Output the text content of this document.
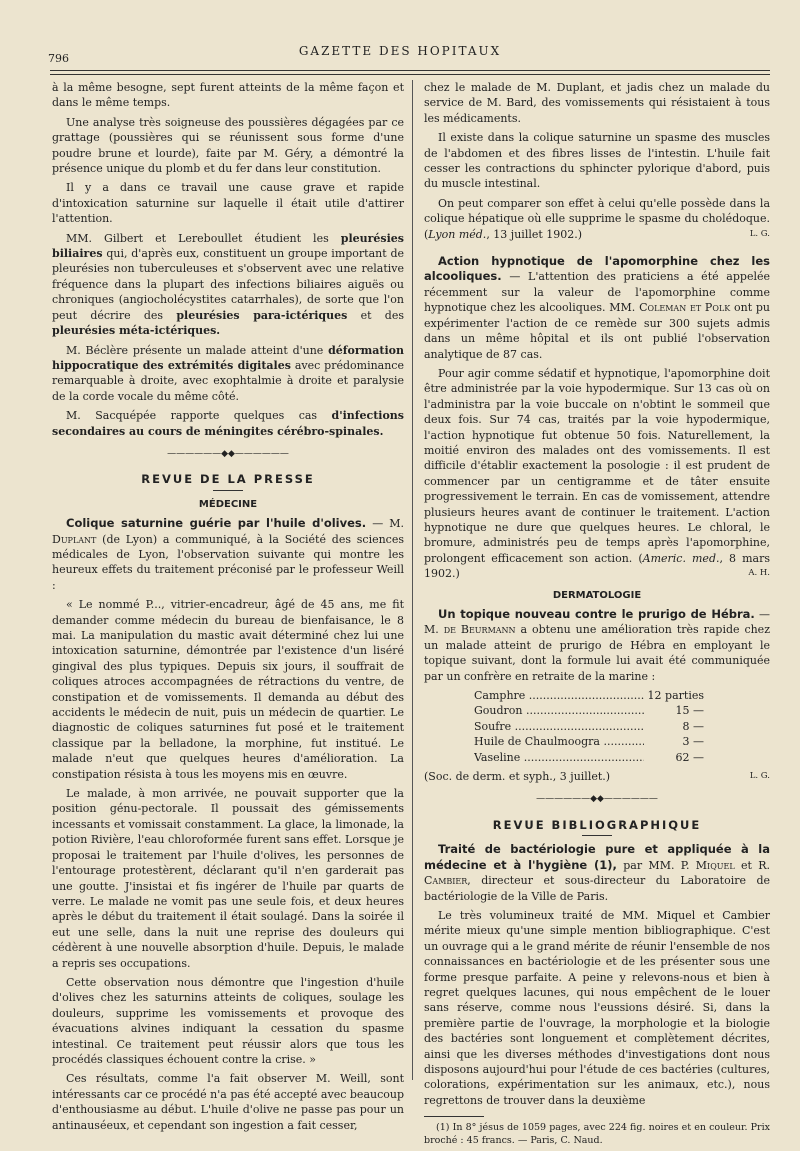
796
GAZETTE DES HOPITAUX

à la même besogne, sept furent atteints de la même façon et dans le même temps.

Une analyse très soigneuse des poussières dégagées par ce grattage (poussières qui se réunissent sous forme d'une poudre brune et lourde), faite par M. Géry, a démontré la présence unique du plomb et du fer dans leur constitution.

Il y a dans ce travail une cause grave et rapide d'intoxication saturnine sur laquelle il était utile d'attirer l'attention.

MM. Gilbert et Lereboullet étudient les pleurésies biliaires qui, d'après eux, constituent un groupe important de pleurésies non tuberculeuses et s'observent avec une relative fréquence dans la plupart des infections biliaires aiguës ou chroniques (angiocholécystites catarrhales), de sorte que l'on peut décrire des pleurésies para-ictériques et des pleurésies méta-ictériques.

M. Béclère présente un malade atteint d'une déformation hippocratique des extrémités digitales avec prédominance remarquable à droite, avec exophtalmie à droite et paralysie de la corde vocale du même côté.

M. Sacquépée rapporte quelques cas d'infections secondaires au cours de méningites cérébro-spinales.

——————◆◆——————
REVUE DE LA PRESSE
MÉDECINE

Colique saturnine guérie par l'huile d'olives. — M. Duplant (de Lyon) a communiqué, à la Société des sciences médicales de Lyon, l'observation suivante qui montre les heureux effets du traitement préconisé par le professeur Weill :

« Le nommé P..., vitrier-encadreur, âgé de 45 ans, me fit demander comme médecin du bureau de bienfaisance, le 8 mai. La manipulation du mastic avait déterminé chez lui une intoxication saturnine, démontrée par l'existence d'un liséré gingival des plus typiques. Depuis six jours, il souffrait de coliques atroces accompagnées de rétractions du ventre, de constipation et de vomissements. Il demanda au début des accidents le médecin de nuit, puis un médecin de quartier. Le diagnostic de coliques saturnines fut posé et le traitement classique par la belladone, la morphine, fut institué. Le malade n'eut que quelques heures d'amélioration. La constipation résista à tous les moyens mis en œuvre.

Le malade, à mon arrivée, ne pouvait supporter que la position génu-pectorale. Il poussait des gémissements incessants et vomissait constamment. La glace, la limonade, la potion Rivière, l'eau chloroformée furent sans effet. Lorsque je proposai le traitement par l'huile d'olives, les personnes de l'entourage protestèrent, déclarant qu'il n'en garderait pas une goutte. J'insistai et fis ingérer de l'huile par quarts de verre. Le malade ne vomit pas une seule fois, et deux heures après le début du traitement il était soulagé. Dans la soirée il eut une selle, dans la nuit une reprise des douleurs qui cédèrent à une nouvelle absorption d'huile. Depuis, le malade a repris ses occupations.

Cette observation nous démontre que l'ingestion d'huile d'olives chez les saturnins atteints de coliques, soulage les douleurs, supprime les vomissements et provoque des évacuations alvines indiquant la cessation du spasme intestinal. Ce traitement peut réussir alors que tous les procédés classiques échouent contre la crise. »

Ces résultats, comme l'a fait observer M. Weill, sont intéressants car ce procédé n'a pas été accepté avec beaucoup d'enthousiasme au début. L'huile d'olive ne passe pas pour un antinauséeux, et cependant son ingestion a fait cesser,

chez le malade de M. Duplant, et jadis chez un malade du service de M. Bard, des vomissements qui résistaient à tous les médicaments.

Il existe dans la colique saturnine un spasme des muscles de l'abdomen et des fibres lisses de l'intestin. L'huile fait cesser les contractions du sphincter pylorique d'abord, puis du muscle intestinal.

On peut comparer son effet à celui qu'elle possède dans la colique hépatique où elle supprime le spasme du cholédoque. (Lyon méd., 13 juillet 1902.)	L. G.

Action hypnotique de l'apomorphine chez les alcooliques. — L'attention des praticiens a été appelée récemment sur la valeur de l'apomorphine comme hypnotique chez les alcooliques. MM. Coleman et Polk ont pu expérimenter l'action de ce remède sur 300 sujets admis dans un même hôpital et ils ont publié l'observation analytique de 87 cas.

Pour agir comme sédatif et hypnotique, l'apomorphine doit être administrée par la voie hypodermique. Sur 13 cas où on l'administra par la voie buccale on n'obtint le sommeil que deux fois. Sur 74 cas, traités par la voie hypodermique, l'action hypnotique fut obtenue 50 fois. Naturellement, la moitié environ des malades ont des vomissements. Il est difficile d'établir exactement la posologie : il est prudent de commencer par un centigramme et de tâter ensuite progressivement le terrain. En cas de vomissement, attendre plusieurs heures avant de continuer le traitement. L'action hypnotique ne dure que quelques heures. Le chloral, le bromure, administrés peu de temps après l'apomorphine, prolongent efficacement son action. (Americ. med., 8 mars 1902.)	A. H.

DERMATOLOGIE

Un topique nouveau contre le prurigo de Hébra. — M. de Beurmann a obtenu une amélioration très rapide chez un malade atteint de prurigo de Hébra en employant le topique suivant, dont la formule lui avait été communiquée par un confrère en retraite de la marine :

Camphre .....	12 parties
Goudron .....	15 —
Soufre .....	8 —
Huile de Chaulmoogra .....	3 —
Vaseline .....	62 —

(Soc. de derm. et syph., 3 juillet.)	L. G.

——————◆◆——————
REVUE BIBLIOGRAPHIQUE

Traité de bactériologie pure et appliquée à la médecine et à l'hygiène (1), par MM. P. Miquel et R. Cambier, directeur et sous-directeur du Laboratoire de bactériologie de la Ville de Paris.

Le très volumineux traité de MM. Miquel et Cambier mérite mieux qu'une simple mention bibliographique. C'est un ouvrage qui a le grand mérite de réunir l'ensemble de nos connaissances en bactériologie et de les présenter sous une forme presque parfaite. A peine y relevons-nous et bien à regret quelques lacunes, qui nous empêchent de le louer sans réserve, comme nous l'eussions désiré. Si, dans la première partie de l'ouvrage, la morphologie et la biologie des bactéries sont longuement et complètement décrites, ainsi que les diverses méthodes d'investigations dont nous disposons aujourd'hui pour l'étude de ces bactéries (cultures, colorations, expérimentation sur les animaux, etc.), nous regrettons de trouver dans la deuxième

(1) In 8° jésus de 1059 pages, avec 224 fig. noires et en couleur. Prix broché : 45 francs. — Paris, C. Naud.
